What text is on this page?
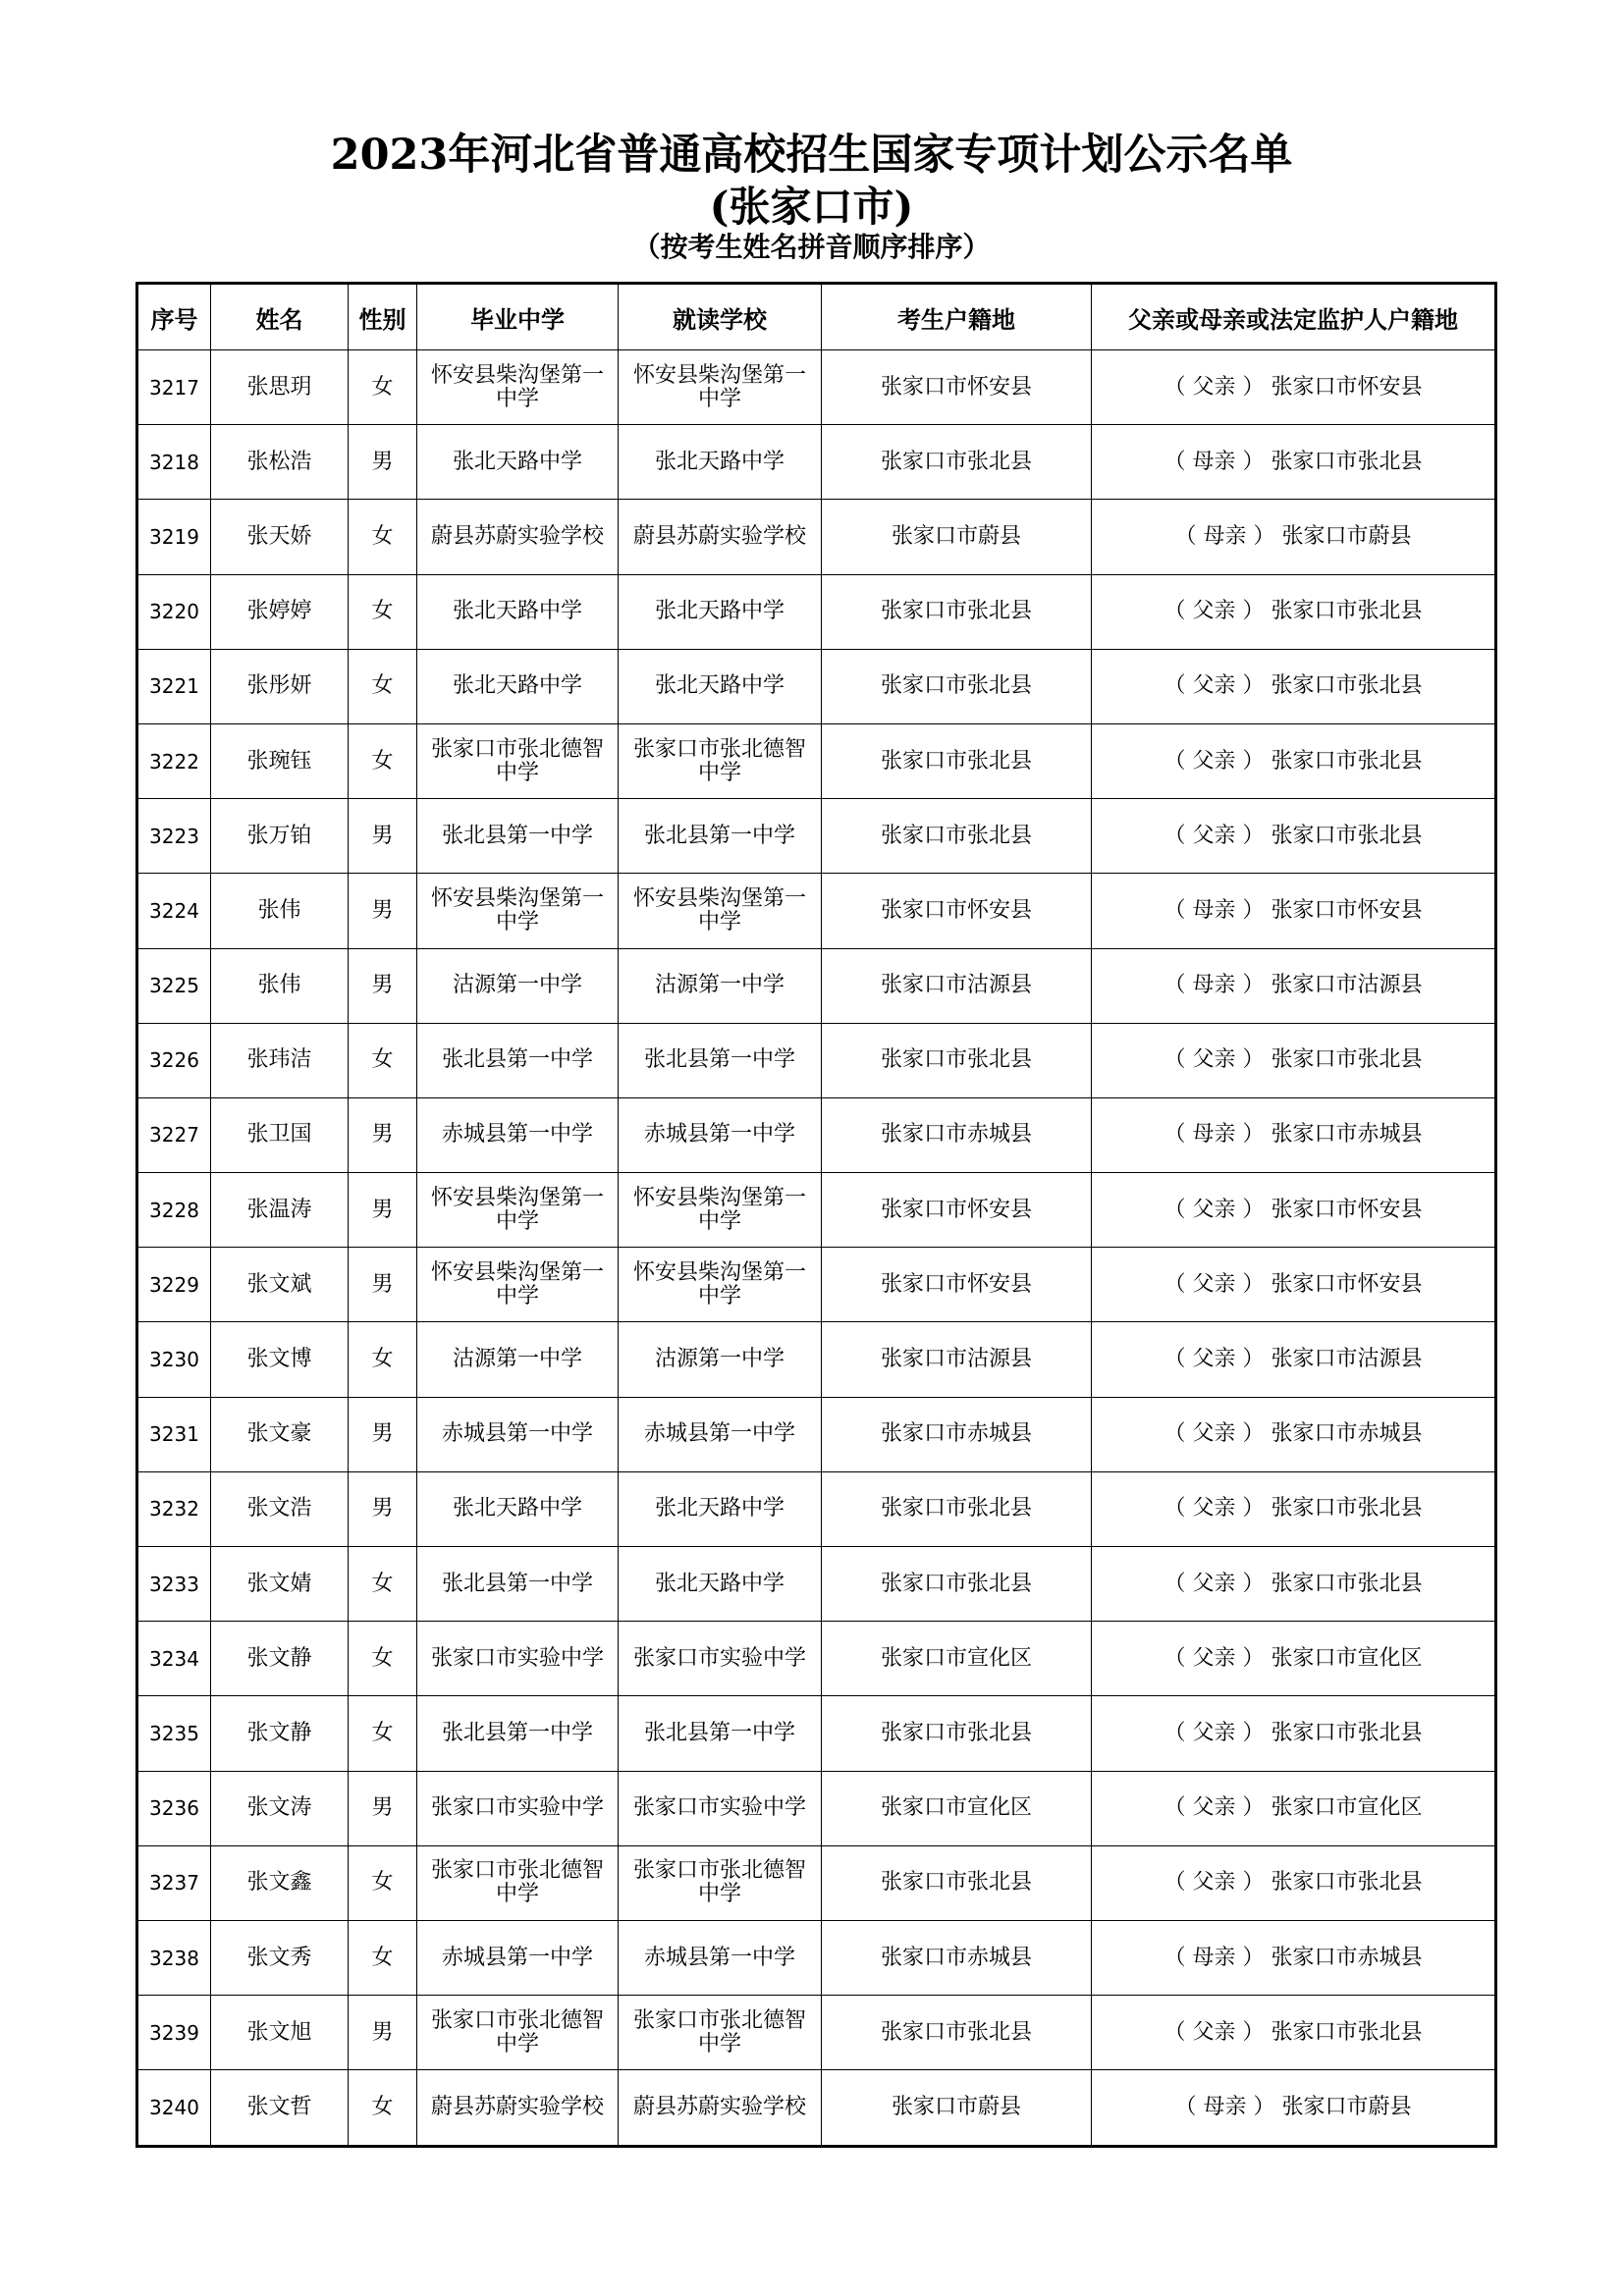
2023年河北省普通高校招生国家专项计划公示名单
(张家口市)
（按考生姓名拼音顺序排序）
序号	姓名	性别	毕业中学	就读学校	考生户籍地	父亲或母亲或法定监护人户籍地
3217	张思玥	女	怀安县柴沟堡第一中学	怀安县柴沟堡第一中学	张家口市怀安县	（ 父亲 ） 张家口市怀安县
3218	张松浩	男	张北天路中学	张北天路中学	张家口市张北县	（ 母亲 ） 张家口市张北县
3219	张天娇	女	蔚县苏蔚实验学校	蔚县苏蔚实验学校	张家口市蔚县	（ 母亲 ） 张家口市蔚县
3220	张婷婷	女	张北天路中学	张北天路中学	张家口市张北县	（ 父亲 ） 张家口市张北县
3221	张彤妍	女	张北天路中学	张北天路中学	张家口市张北县	（ 父亲 ） 张家口市张北县
3222	张琬钰	女	张家口市张北德智中学	张家口市张北德智中学	张家口市张北县	（ 父亲 ） 张家口市张北县
3223	张万铂	男	张北县第一中学	张北县第一中学	张家口市张北县	（ 父亲 ） 张家口市张北县
3224	张伟	男	怀安县柴沟堡第一中学	怀安县柴沟堡第一中学	张家口市怀安县	（ 母亲 ） 张家口市怀安县
3225	张伟	男	沽源第一中学	沽源第一中学	张家口市沽源县	（ 母亲 ） 张家口市沽源县
3226	张玮洁	女	张北县第一中学	张北县第一中学	张家口市张北县	（ 父亲 ） 张家口市张北县
3227	张卫国	男	赤城县第一中学	赤城县第一中学	张家口市赤城县	（ 母亲 ） 张家口市赤城县
3228	张温涛	男	怀安县柴沟堡第一中学	怀安县柴沟堡第一中学	张家口市怀安县	（ 父亲 ） 张家口市怀安县
3229	张文斌	男	怀安县柴沟堡第一中学	怀安县柴沟堡第一中学	张家口市怀安县	（ 父亲 ） 张家口市怀安县
3230	张文博	女	沽源第一中学	沽源第一中学	张家口市沽源县	（ 父亲 ） 张家口市沽源县
3231	张文豪	男	赤城县第一中学	赤城县第一中学	张家口市赤城县	（ 父亲 ） 张家口市赤城县
3232	张文浩	男	张北天路中学	张北天路中学	张家口市张北县	（ 父亲 ） 张家口市张北县
3233	张文婧	女	张北县第一中学	张北天路中学	张家口市张北县	（ 父亲 ） 张家口市张北县
3234	张文静	女	张家口市实验中学	张家口市实验中学	张家口市宣化区	（ 父亲 ） 张家口市宣化区
3235	张文静	女	张北县第一中学	张北县第一中学	张家口市张北县	（ 父亲 ） 张家口市张北县
3236	张文涛	男	张家口市实验中学	张家口市实验中学	张家口市宣化区	（ 父亲 ） 张家口市宣化区
3237	张文鑫	女	张家口市张北德智中学	张家口市张北德智中学	张家口市张北县	（ 父亲 ） 张家口市张北县
3238	张文秀	女	赤城县第一中学	赤城县第一中学	张家口市赤城县	（ 母亲 ） 张家口市赤城县
3239	张文旭	男	张家口市张北德智中学	张家口市张北德智中学	张家口市张北县	（ 父亲 ） 张家口市张北县
3240	张文哲	女	蔚县苏蔚实验学校	蔚县苏蔚实验学校	张家口市蔚县	（ 母亲 ） 张家口市蔚县
